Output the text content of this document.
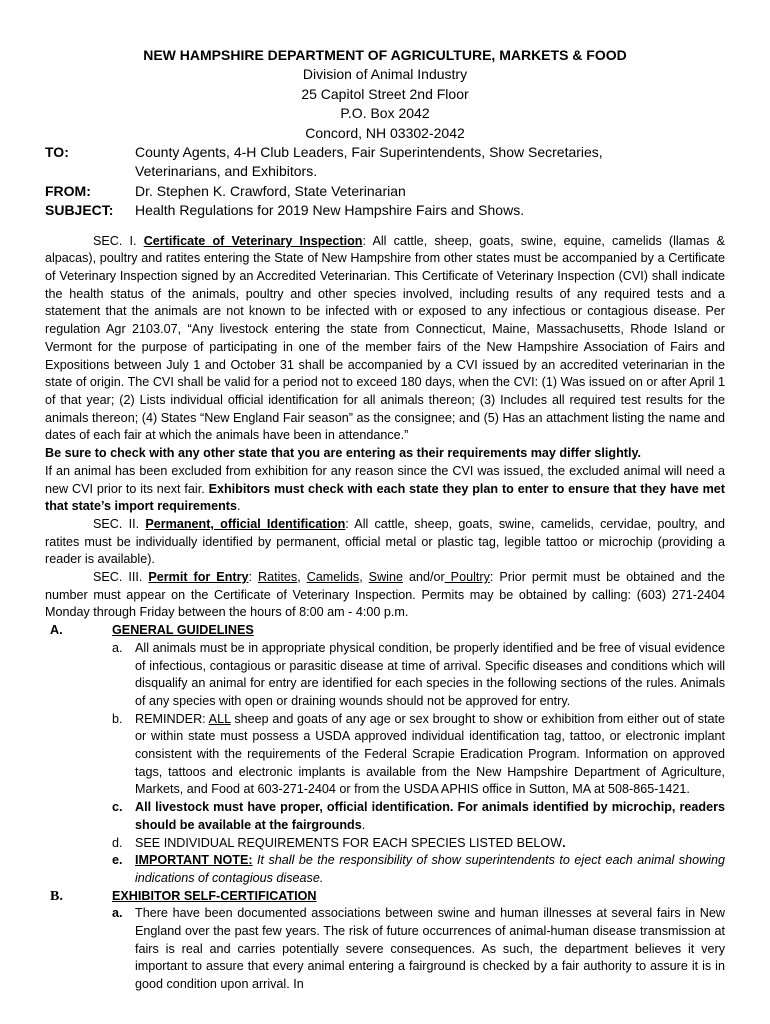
NEW HAMPSHIRE DEPARTMENT OF AGRICULTURE, MARKETS & FOOD
Division of Animal Industry
25 Capitol Street 2nd Floor
P.O. Box 2042
Concord, NH 03302-2042
TO:	County Agents, 4-H Club Leaders, Fair Superintendents, Show Secretaries,
Veterinarians, and Exhibitors.
FROM:	Dr. Stephen K. Crawford, State Veterinarian
SUBJECT:	Health Regulations for 2019 New Hampshire Fairs and Shows.

SEC. I. Certificate of Veterinary Inspection: All cattle, sheep, goats, swine, equine, camelids (llamas & alpacas), poultry and ratites entering the State of New Hampshire from other states must be accompanied by a Certificate of Veterinary Inspection signed by an Accredited Veterinarian. This Certificate of Veterinary Inspection (CVI) shall indicate the health status of the animals, poultry and other species involved, including results of any required tests and a statement that the animals are not known to be infected with or exposed to any infectious or contagious disease. Per regulation Agr 2103.07, “Any livestock entering the state from Connecticut, Maine, Massachusetts, Rhode Island or Vermont for the purpose of participating in one of the member fairs of the New Hampshire Association of Fairs and Expositions between July 1 and October 31 shall be accompanied by a CVI issued by an accredited veterinarian in the state of origin. The CVI shall be valid for a period not to exceed 180 days, when the CVI: (1) Was issued on or after April 1 of that year; (2) Lists individual official identification for all animals thereon; (3) Includes all required test results for the animals thereon; (4) States “New England Fair season” as the consignee; and (5) Has an attachment listing the name and dates of each fair at which the animals have been in attendance.”

Be sure to check with any other state that you are entering as their requirements may differ slightly.

If an animal has been excluded from exhibition for any reason since the CVI was issued, the excluded animal will need a new CVI prior to its next fair. Exhibitors must check with each state they plan to enter to ensure that they have met that state’s import requirements.

SEC. II. Permanent, official Identification: All cattle, sheep, goats, swine, camelids, cervidae, poultry, and ratites must be individually identified by permanent, official metal or plastic tag, legible tattoo or microchip (providing a reader is available).

SEC. III. Permit for Entry: Ratites, Camelids, Swine and/or Poultry: Prior permit must be obtained and the number must appear on the Certificate of Veterinary Inspection. Permits may be obtained by calling: (603) 271-2404 Monday through Friday between the hours of 8:00 am - 4:00 p.m.

A.	GENERAL GUIDELINES
a. All animals must be in appropriate physical condition, be properly identified and be free of visual evidence of infectious, contagious or parasitic disease at time of arrival. Specific diseases and conditions which will disqualify an animal for entry are identified for each species in the following sections of the rules. Animals of any species with open or draining wounds should not be approved for entry.
b. REMINDER: ALL sheep and goats of any age or sex brought to show or exhibition from either out of state or within state must possess a USDA approved individual identification tag, tattoo, or electronic implant consistent with the requirements of the Federal Scrapie Eradication Program. Information on approved tags, tattoos and electronic implants is available from the New Hampshire Department of Agriculture, Markets, and Food at 603-271-2404 or from the USDA APHIS office in Sutton, MA at 508-865-1421.
c. All livestock must have proper, official identification. For animals identified by microchip, readers should be available at the fairgrounds.
d. SEE INDIVIDUAL REQUIREMENTS FOR EACH SPECIES LISTED BELOW.
e. IMPORTANT NOTE: It shall be the responsibility of show superintendents to eject each animal showing indications of contagious disease.
B.	EXHIBITOR SELF-CERTIFICATION
a. There have been documented associations between swine and human illnesses at several fairs in New England over the past few years. The risk of future occurrences of animal-human disease transmission at fairs is real and carries potentially severe consequences. As such, the department believes it very important to assure that every animal entering a fairground is checked by a fair authority to assure it is in good condition upon arrival. In
